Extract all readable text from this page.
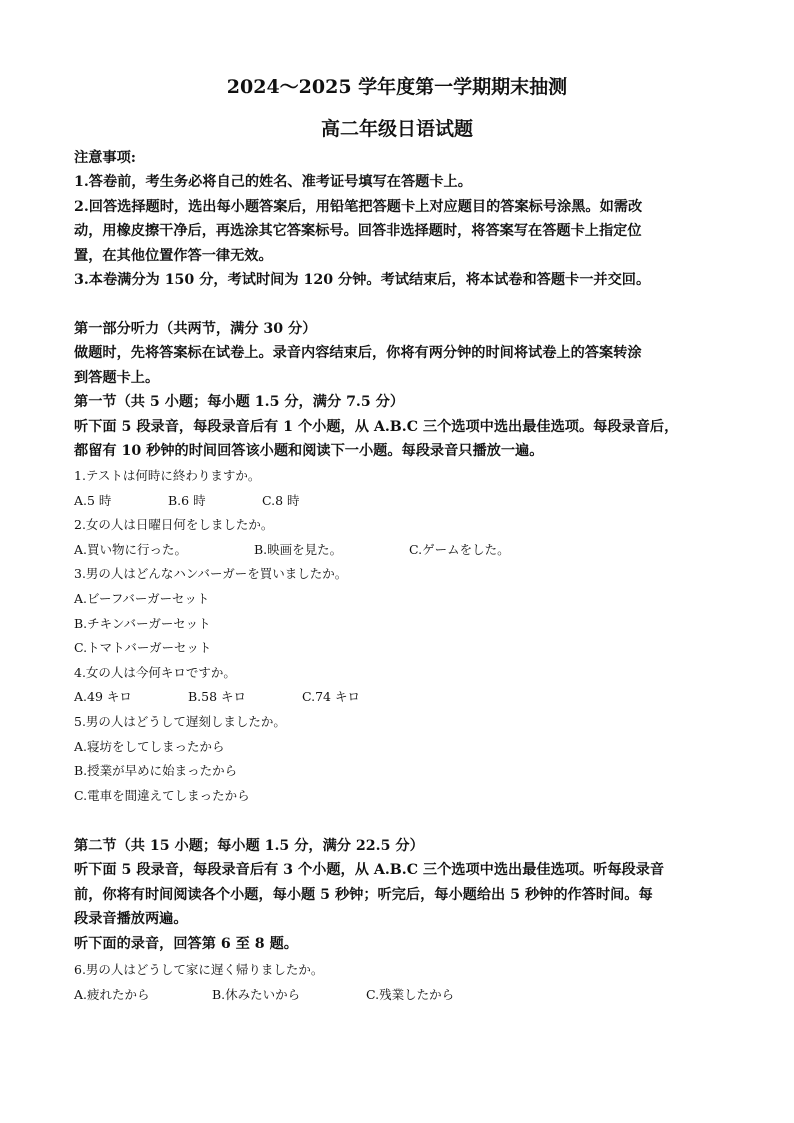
2024～2025 学年度第一学期期末抽测
高二年级日语试题
注意事项:
1.答卷前，考生务必将自己的姓名、准考证号填写在答题卡上。
2.回答选择题时，选出每小题答案后，用铅笔把答题卡上对应题目的答案标号涂黑。如需改
动，用橡皮擦干净后，再选涂其它答案标号。回答非选择题时，将答案写在答题卡上指定位
置，在其他位置作答一律无效。
3.本卷满分为 150 分，考试时间为 120 分钟。考试结束后，将本试卷和答题卡一并交回。
第一部分听力（共两节，满分 30 分）
做题时，先将答案标在试卷上。录音内容结束后，你将有两分钟的时间将试卷上的答案转涂
到答题卡上。
第一节（共 5 小题；每小题 1.5 分，满分 7.5 分）
听下面 5 段录音，每段录音后有 1 个小题，从 A.B.C 三个选项中选出最佳选项。每段录音后，
都留有 10 秒钟的时间回答该小题和阅读下一小题。每段录音只播放一遍。
1.テストは何時に終わりますか。
A.5 時	B.6 時	C.8 時
2.女の人は日曜日何をしましたか。
A.買い物に行った。	B.映画を見た。	C.ゲームをした。
3.男の人はどんなハンバーガーを買いましたか。
A.ビーフバーガーセット
B.チキンバーガーセット
C.トマトバーガーセット
4.女の人は今何キロですか。
A.49 キロ	B.58 キロ	C.74 キロ
5.男の人はどうして遅刻しましたか。
A.寝坊をしてしまったから
B.授業が早めに始まったから
C.電車を間違えてしまったから
第二节（共 15 小题；每小题 1.5 分，满分 22.5 分）
听下面 5 段录音，每段录音后有 3 个小题，从 A.B.C 三个选项中选出最佳选项。听每段录音
前，你将有时间阅读各个小题，每小题 5 秒钟；听完后，每小题给出 5 秒钟的作答时间。每
段录音播放两遍。
听下面的录音，回答第 6 至 8 题。
6.男の人はどうして家に遅く帰りましたか。
A.疲れたから	B.休みたいから	C.残業したから
